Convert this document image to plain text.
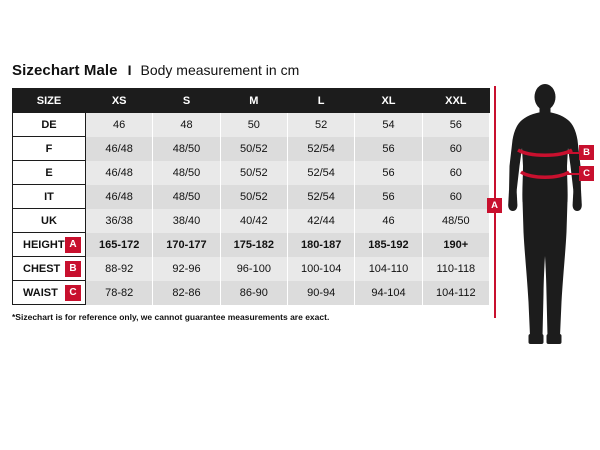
Sizechart Male I Body measurement in cm
SIZE	XS	S	M	L	XL	XXL

DE	46	48	50	52	54	56

F	46/48	48/50	50/52	52/54	56	60

E	46/48	48/50	50/52	52/54	56	60

IT	46/48	48/50	50/52	52/54	56	60

UK	36/38	38/40	40/42	42/44	46	48/50

HEIGHT A	165-172	170-177	175-182	180-187	185-192	190+

CHEST B	88-92	92-96	96-100	100-104	104-110	110-118

WAIST C	78-82	82-86	86-90	90-94	94-104	104-112
*Sizechart is for reference only, we cannot guarantee measurements are exact.
A
B
C
